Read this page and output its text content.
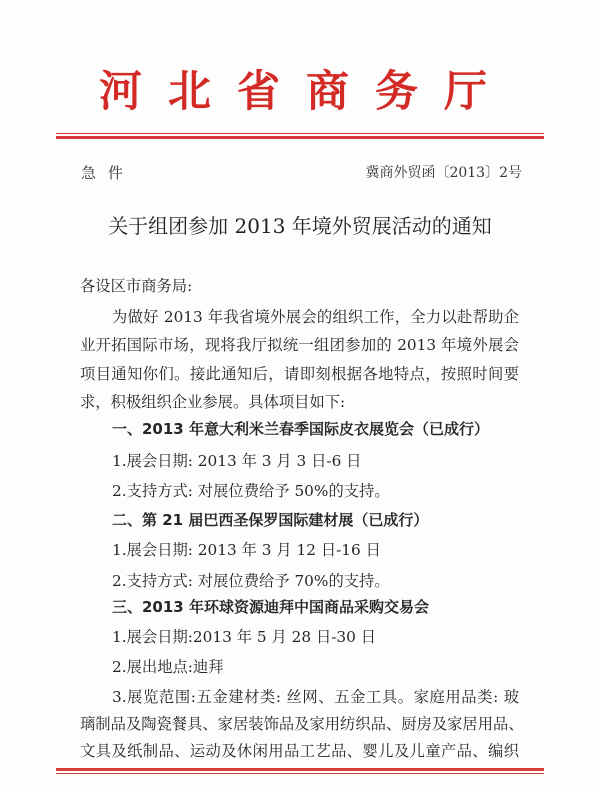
河北省商务厅
急件	冀商外贸函〔2013〕2号
关于组团参加 2013 年境外贸展活动的通知
各设区市商务局:
为做好 2013 年我省境外展会的组织工作，全力以赴帮助企
业开拓国际市场，现将我厅拟统一组团参加的 2013 年境外展会
项目通知你们。接此通知后，请即刻根据各地特点，按照时间要
求，积极组织企业参展。具体项目如下:
一、2013 年意大利米兰春季国际皮衣展览会（已成行）
1.展会日期: 2013 年 3 月 3 日-6 日
2.支持方式: 对展位费给予 50%的支持。
二、第 21 届巴西圣保罗国际建材展（已成行）
1.展会日期: 2013 年 3 月 12 日-16 日
2.支持方式: 对展位费给予 70%的支持。
三、2013 年环球资源迪拜中国商品采购交易会
1.展会日期:2013 年 5 月 28 日-30 日
2.展出地点:迪拜
3.展览范围:五金建材类: 丝网、五金工具。家庭用品类: 玻
璃制品及陶瓷餐具、家居装饰品及家用纺织品、厨房及家居用品、
文具及纸制品、运动及休闲用品工艺品、婴儿及儿童产品、编织
